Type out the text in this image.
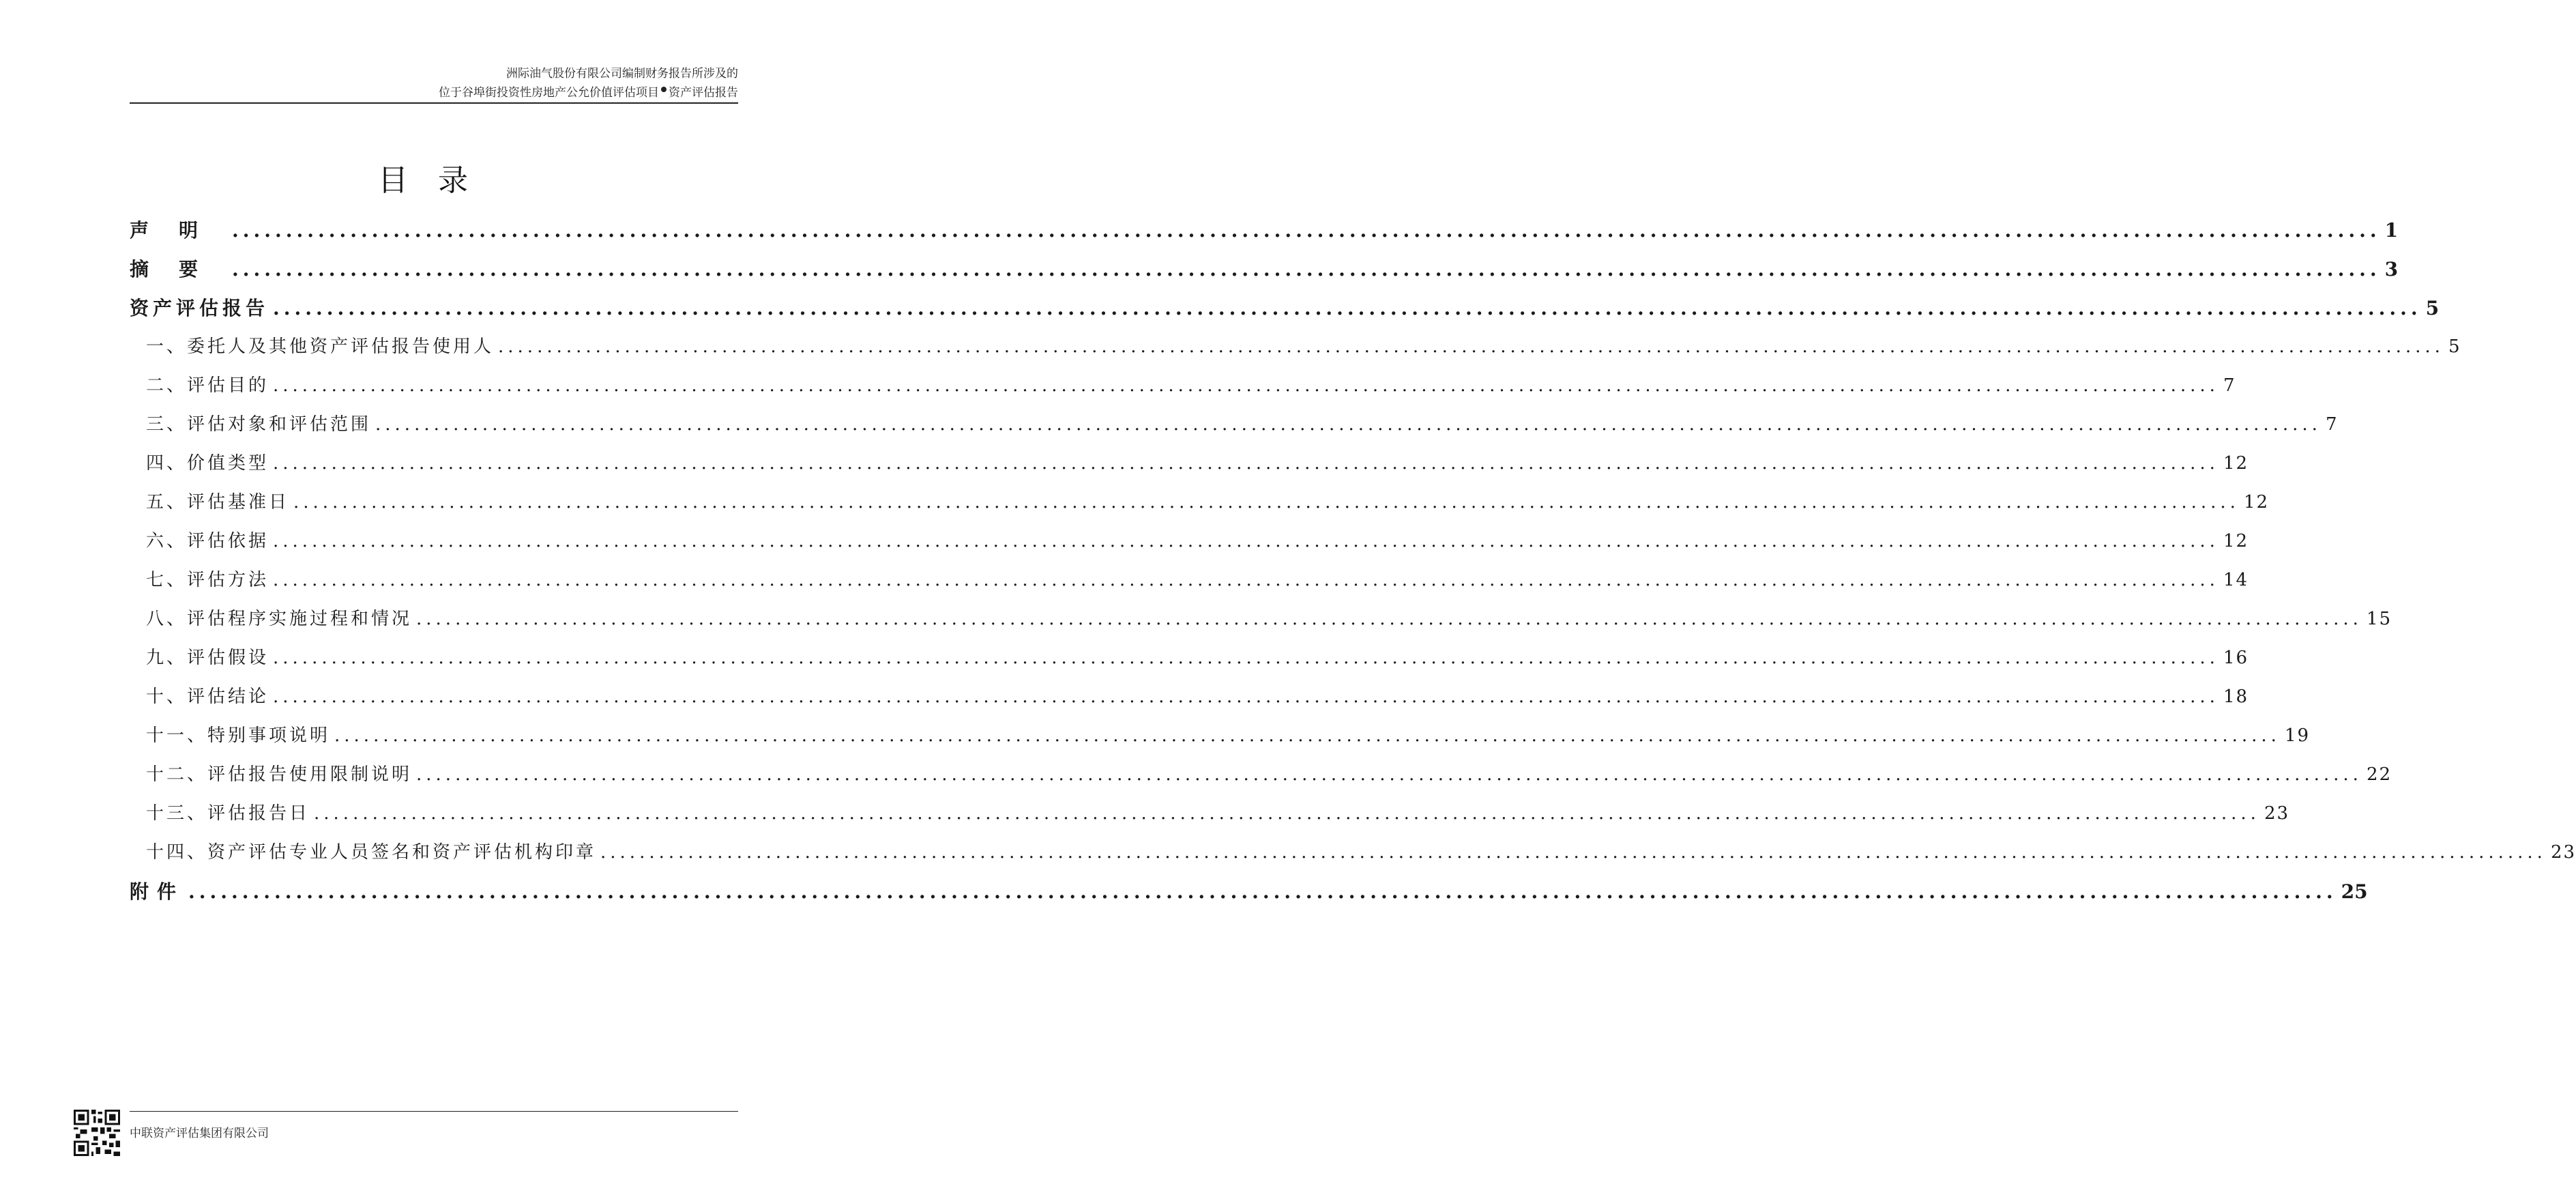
洲际油气股份有限公司编制财务报告所涉及的
位于谷埠街投资性房地产公允价值评估项目 资产评估报告
目录
声明 ........................................................................................................................................................................................................ 1
摘要 ........................................................................................................................................................................................................ 3
资产评估报告 ........................................................................................................................................................................................................ 5
一、委托人及其他资产评估报告使用人 ........................................................................................................................................................................................................ 5
二、评估目的 ........................................................................................................................................................................................................ 7
三、评估对象和评估范围 ........................................................................................................................................................................................................ 7
四、价值类型 ........................................................................................................................................................................................................ 12
五、评估基准日 ........................................................................................................................................................................................................ 12
六、评估依据 ........................................................................................................................................................................................................ 12
七、评估方法 ........................................................................................................................................................................................................ 14
八、评估程序实施过程和情况 ........................................................................................................................................................................................................ 15
九、评估假设 ........................................................................................................................................................................................................ 16
十、评估结论 ........................................................................................................................................................................................................ 18
十一、特别事项说明 ........................................................................................................................................................................................................ 19
十二、评估报告使用限制说明 ........................................................................................................................................................................................................ 22
十三、评估报告日 ........................................................................................................................................................................................................ 23
十四、资产评估专业人员签名和资产评估机构印章 ........................................................................................................................................................................................................ 23
附件 ........................................................................................................................................................................................................ 25
中联资产评估集团有限公司
